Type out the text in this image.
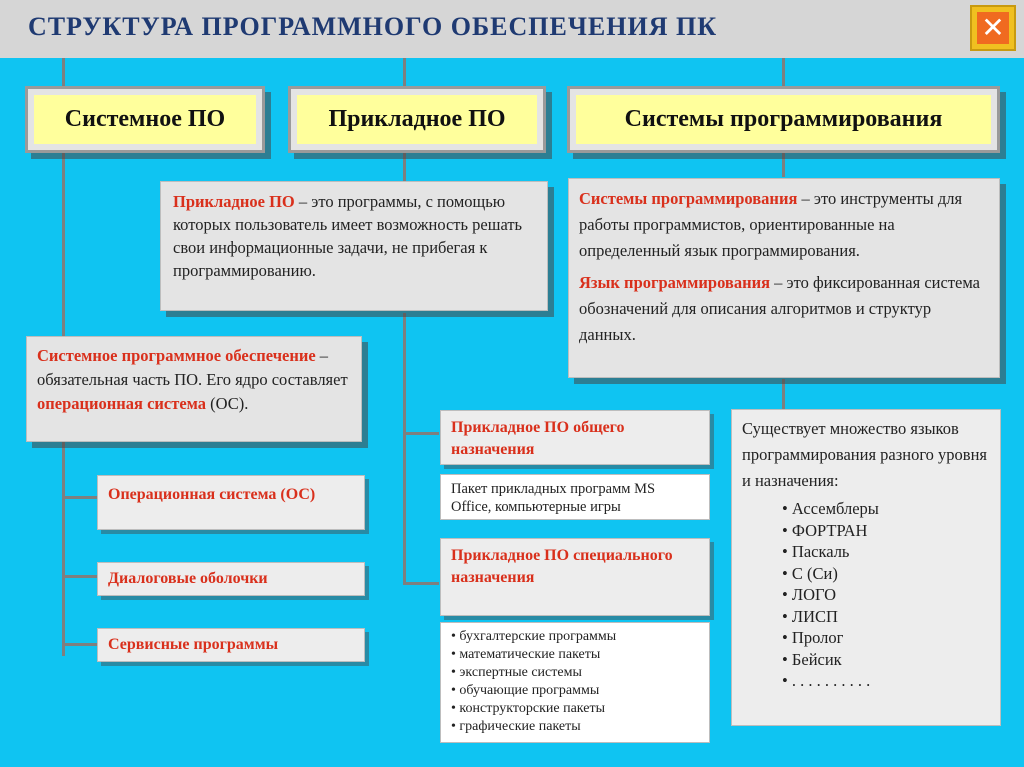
СТРУКТУРА ПРОГРАММНОГО ОБЕСПЕЧЕНИЯ ПК	✕
Системное ПО	Прикладное ПО	Системы программирования
Прикладное ПО – это программы, с помощью которых пользователь имеет возможность решать свои информационные задачи, не прибегая к программированию.
Системы программирования – это инструменты для работы программистов, ориентированные на определенный язык программирования.
Язык программирования – это фиксированная система обозначений для описания алгоритмов и структур данных.
Системное программное обеспечение – обязательная часть ПО. Его ядро составляет операционная система (ОС).
Операционная система (ОС)
Диалоговые оболочки
Сервисные программы
Прикладное ПО общего назначения
Пакет прикладных программ MS Office, компьютерные игры
Прикладное ПО специального назначения
• бухгалтерские программы
• математические пакеты
• экспертные системы
• обучающие программы
• конструкторские пакеты
• графические пакеты
Существует множество языков программирования разного уровня и назначения:
• Ассемблеры
• ФОРТРАН
• Паскаль
• С (Си)
• ЛОГО
• ЛИСП
• Пролог
• Бейсик
• . . . . . . . . . .
